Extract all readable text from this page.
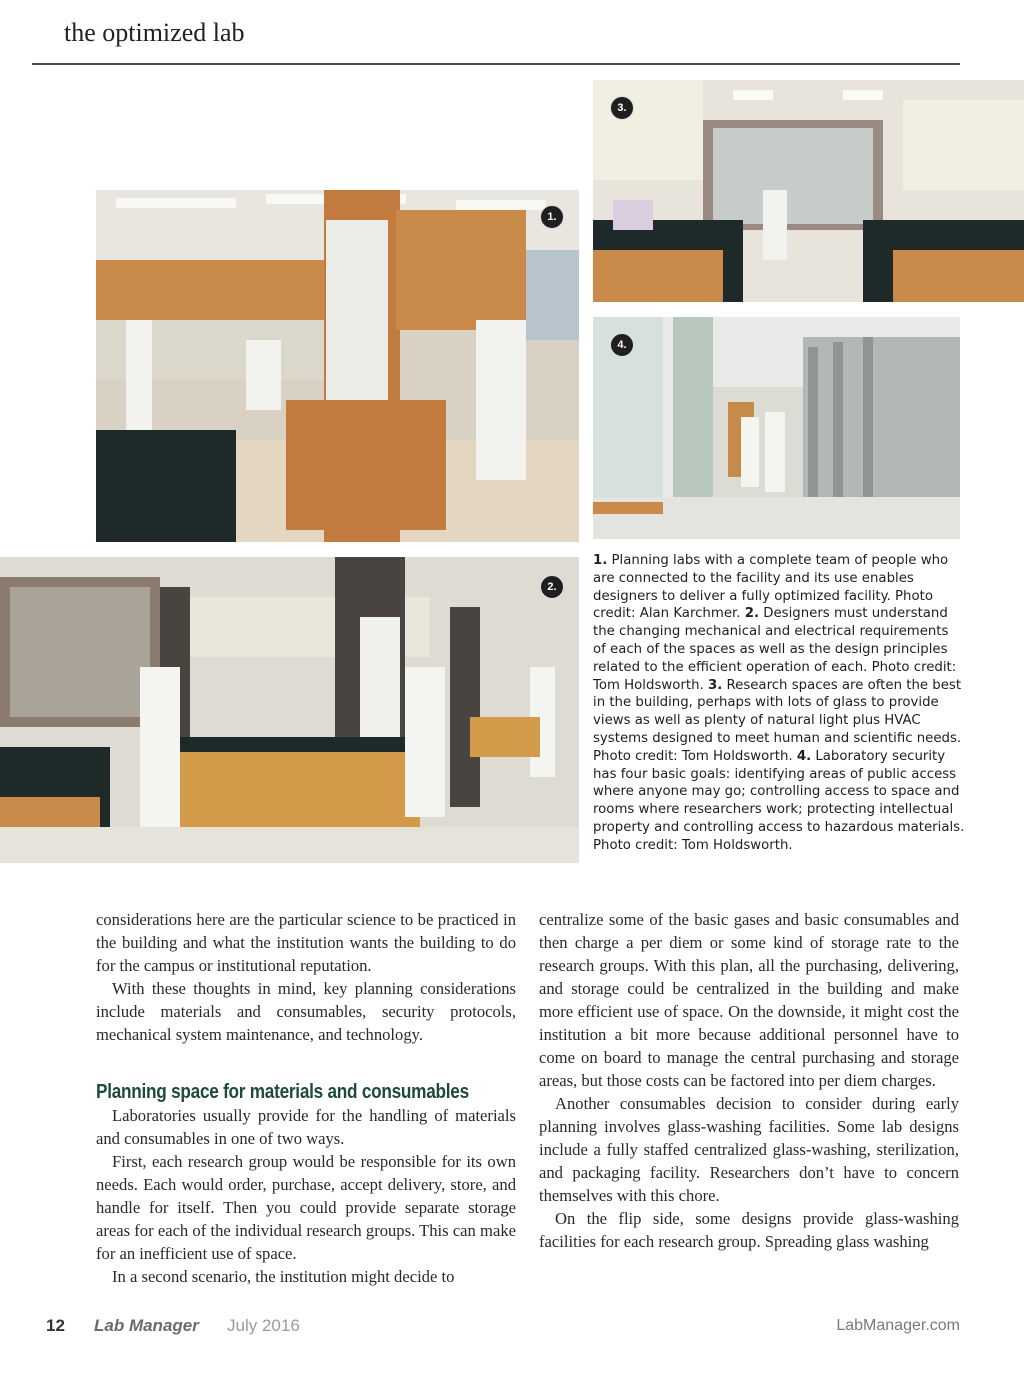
the optimized lab
1.
3.
4.
2.

1. Planning labs with a complete team of people who are connected to the facility and its use enables designers to deliver a fully optimized facility. Photo credit: Alan Karchmer. 2. Designers must understand the changing mechanical and electrical requirements of each of the spaces as well as the design principles related to the efficient operation of each. Photo credit: Tom Holdsworth. 3. Research spaces are often the best in the building, perhaps with lots of glass to provide views as well as plenty of natural light plus HVAC systems designed to meet human and scientific needs. Photo credit: Tom Holdsworth. 4. Laboratory security has four basic goals: identifying areas of public access where anyone may go; controlling access to space and rooms where researchers work; protecting intellectual property and controlling access to hazardous materials. Photo credit: Tom Holdsworth.

considerations here are the particular science to be practiced in the building and what the institution wants the building to do for the campus or institutional reputation.

With these thoughts in mind, key planning considerations include materials and consumables, security protocols, mechanical system maintenance, and technology.

Planning space for materials and consumables

Laboratories usually provide for the handling of materials and consumables in one of two ways.

First, each research group would be responsible for its own needs. Each would order, purchase, accept delivery, store, and handle for itself. Then you could provide separate storage areas for each of the individual research groups. This can make for an inefficient use of space.

In a second scenario, the institution might decide to

centralize some of the basic gases and basic consumables and then charge a per diem or some kind of storage rate to the research groups. With this plan, all the purchasing, delivering, and storage could be centralized in the building and make more efficient use of space. On the downside, it might cost the institution a bit more because additional personnel have to come on board to manage the central purchasing and storage areas, but those costs can be factored into per diem charges.

Another consumables decision to consider during early planning involves glass-washing facilities. Some lab designs include a fully staffed centralized glass-washing, sterilization, and packaging facility. Researchers don’t have to concern themselves with this chore.

On the flip side, some designs provide glass-washing facilities for each research group. Spreading glass washing

12 Lab Manager July 2016	LabManager.com
